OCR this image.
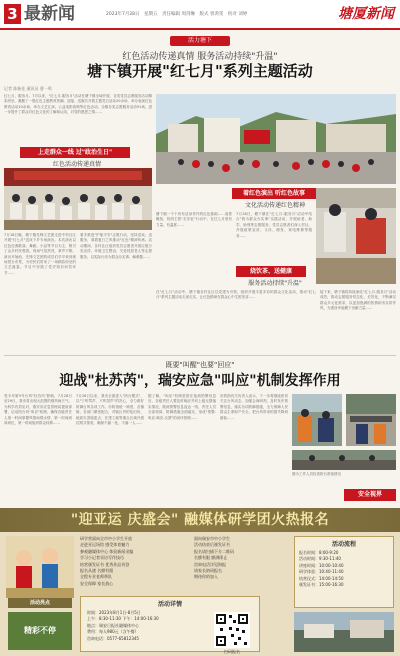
3 最新闻	2023年7月28日　星期五　责任编辑 周剑琳　版式 曾鸿雯　校对 刘婷	塘厦新闻
活力塘下
红色活动传递真情 服务活动持续"升温"
塘下镇开展"红七月"系列主题活动
记者 陈新佳 通讯员 曹一鸣
红七月，服务月。7月以来，"红七月-服务月"活动在塘下镇全域开展，各类党员志愿服务活动精彩纷呈，凝聚了一股红色主题教育热潮。迎接、送旗共开展主题党日活动20余场，举办表演红色教育活动10余场，举办文艺汇演、公益电影放映等红色活动。全镇各类志愿服务活动91场，进一步提升了群众对红色文化的了解和认同，对党的感恩之情……
上走群众一线 过"政治生日"
红色活动传递真情
7月18日晚，塘下镇先锋文艺团走进中村社区开展"红七月"送戏下乡专场演出。本次演出以红色经典歌曲、舞蹈、小品等节目为主，吸引了众多村民观看。现场气氛热烈，掌声不断。演出开始前，先锋文艺团的成员们早早来到现场搭台布景，为村民们带来了一场精彩纷呈的文艺盛宴。节目中穿插了党史知识问答环节……
着手推进"护航平安"志愿行动，坚持送戏、送服务，乘着夏日之风推动"红色"精神传承。活动期间，各村社区组织党员志愿者开展垃圾分类宣传、环境卫生整治、关爱独居老人等志愿服务，以实际行动为群众办实事、解难题……
着红色演出 听红色故事
文化活动传递红色精神
塘下镇一个个有有活身作作的红色基础……高度概括，纷纷主张"走东征"行动中，在红七月里有力量、有温度……
7月18日，塘下镇在"红七月-服务月"活动中结合"我为群众办实事"实践活动，开展助老、助学、助残等志愿服务。党员志愿者们深入村社，开展政策宣讲、义诊、理发、家电维修等服务……
烧饮茶、送健康
服务活动持续"升温"
在"红七月"活动中，塘下镇各村社区以党建为引领，组织开展丰富多彩的群众文化活动，推动"红七月"系列主题活动走深走实，让红色精神在群众心中生根发芽……
接下来，塘下镇将持续深化"红七月-服务月"活动成效，推动志愿服务常态化、长效化，不断满足群众多元化需求，以更加饱满的热情和务实的作风，为建设幸福塘下贡献力量……
既要"叫醒"也要"回应"
迎战"杜苏芮"，瑞安应急"叫应"机制发挥作用
受今年第5号台风"杜苏芮"影响，7月28日至29日，我市将出现大范围的强风雨天气。为科学有效应对，瑞安市应急管理局提前部署，启动防台风"叫应"机制，确保各级责任人第一时间掌握风情雨情水情，第一时间到岗到位，第一时间组织群众转移……
7月26日以来，我市全面进入"防台模式"，以"宁听骂声、不听哭声"的决心，全力做好防御台风各项工作。市防指统一调度，各镇街、各部门紧密配合，对辖区内的危旧房、地质灾害隐患点、在建工地等重点区域开展拉网式排查，确保不漏一处、不落一人……
据了解，"叫应"机制是指在接到预警信息后，各级责任人要及时响应并向上级反馈落实情况，做到预警信息直达一线、责任人员全部到岗、防御措施全面落实，形成"预警-叫应-响应-反馈"的闭环管理……
市防指有关负责人表示，下一步将继续密切关注台风动态，加强会商研判，及时发布预警信息，落实各项防御措施，全力保障人民群众生命财产安全，把台风带来的损失降到最低……
图为工作人员检查防台准备情况
安全视界
"迎亚运 庆盛会" 融媒体研学团火热报名
活动亮点
研学营面向全市中小学生开放
走进亚运场馆 感受体育魅力
参观融媒体中心 体验新闻采编
学习小记者采访写作技巧
结营颁发证书 优秀作品刊登
报名从速 名额有限
全程专业老师带队
安全保障 家长放心
面向瑞安市中小学生
活动结束后颁发证书
报名请扫描下方二维码
名额有限 额满即止
咨询电话详见海报
请家长陪同报名
期待你的加入
活动流程
报名时间：8:00-9:20
活动时间：9:30-11:40
讲座时间：10:00-10:40
研学体验：10:40-11:40
结营仪式：14:00-14:50
颁发证书：15:00-16:30
活动详情
时间：2023年8月1日-8月5日
上午：8:30-11:30 下午：14:00-16:30
地点：瑞安日报社融媒体中心
费用：每人980元（含午餐）
咨询电话：0577-65812345
扫码报名
精彩不停
